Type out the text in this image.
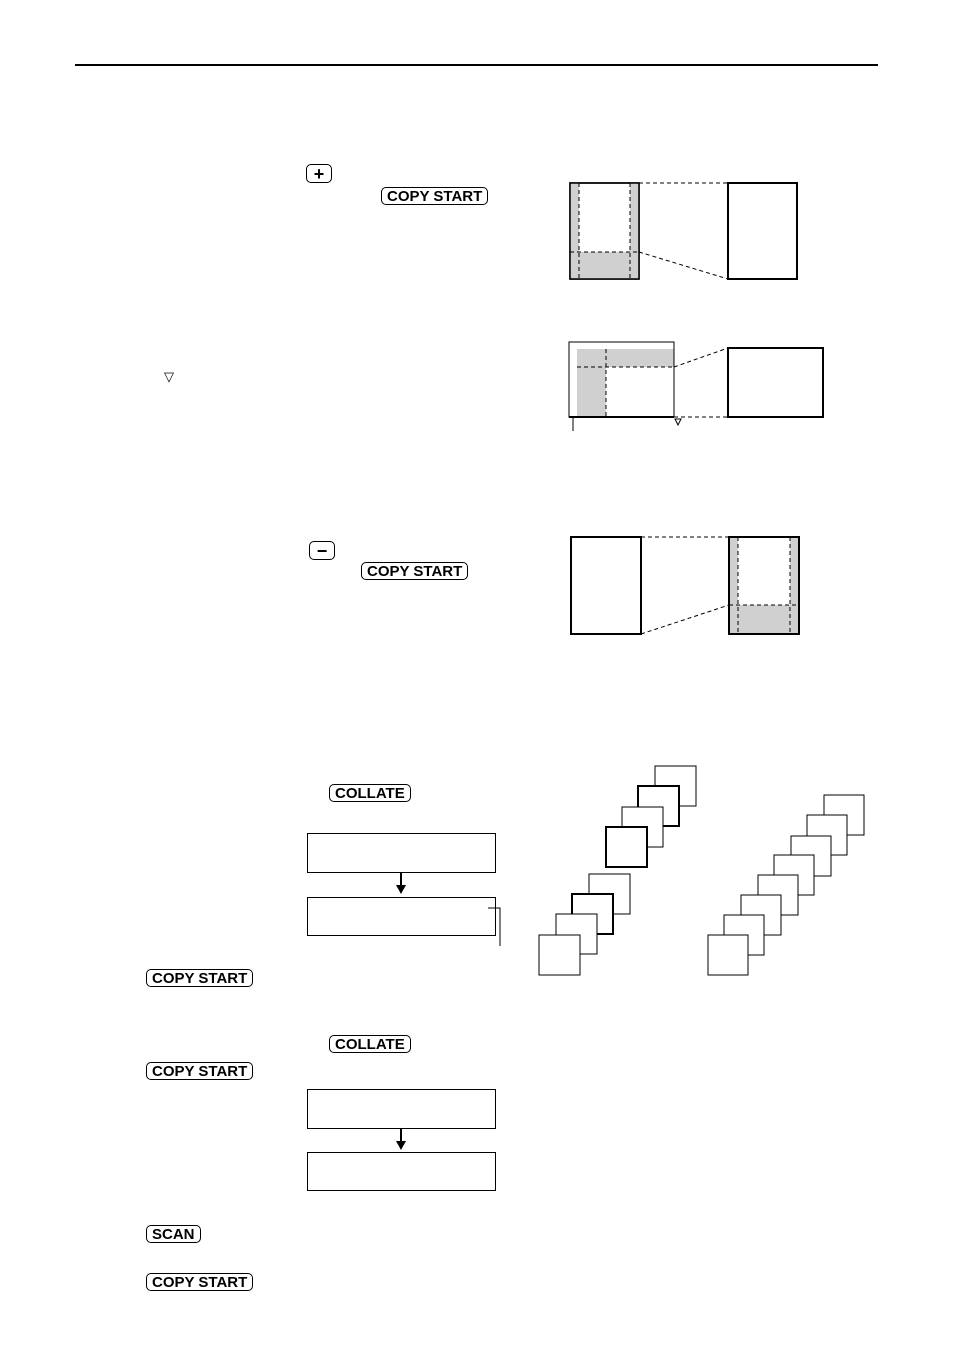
+
COPY START
▽
−
COPY START
COLLATE
COPY START
COLLATE
COPY START
SCAN
COPY START
